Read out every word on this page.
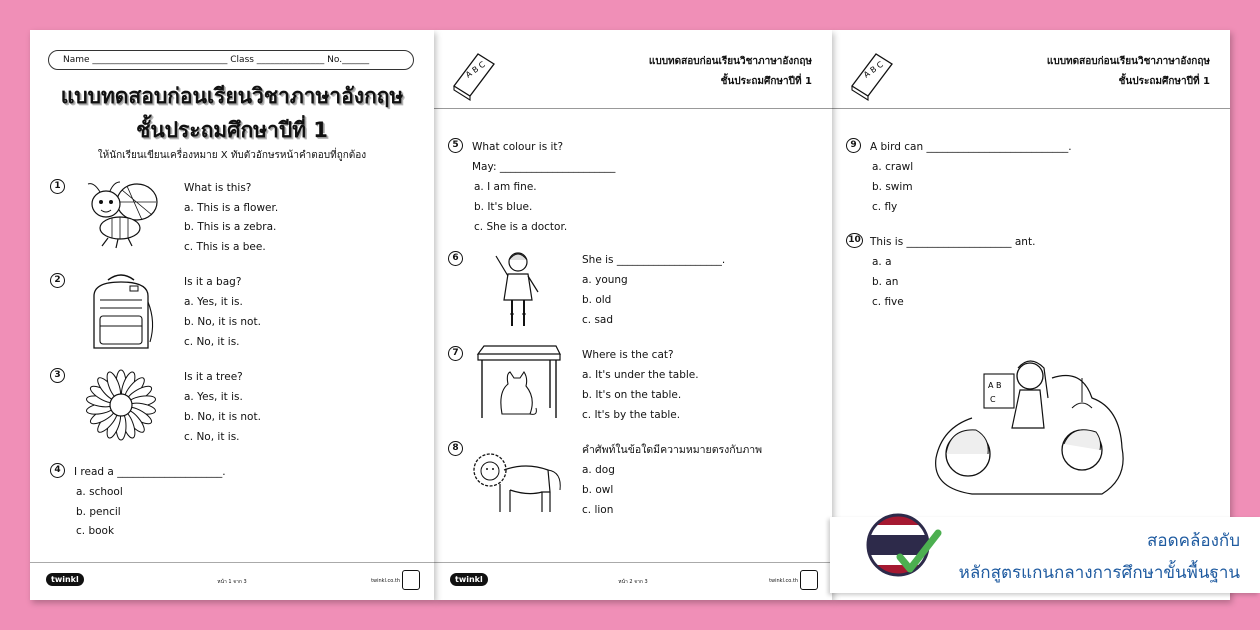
Name ______________________________ Class _______________ No.______
แบบทดสอบก่อนเรียนวิชาภาษาอังกฤษ
ชั้นประถมศึกษาปีที่ 1
ให้นักเรียนเขียนเครื่องหมาย X ทับตัวอักษรหน้าคำตอบที่ถูกต้อง
1	What is this?
a. This is a flower.
b. This is a zebra.
c. This is a bee.
2	Is it a bag?
a. Yes, it is.
b. No, it is not.
c. No, it is.
3	Is it a tree?
a. Yes, it is.
b. No, it is not.
c. No, it is.
4	I read a ____________________.
a. school
b. pencil
c. book
twinkl	หน้า 1 จาก 3	twinkl.co.th
A B C	แบบทดสอบก่อนเรียนวิชาภาษาอังกฤษ
ชั้นประถมศึกษาปีที่ 1
5	What colour is it?
May: ______________________
a. I am fine.
b. It's blue.
c. She is a doctor.
6	She is ____________________.
a. young
b. old
c. sad
7	Where is the cat?
a. It's under the table.
b. It's on the table.
c. It's by the table.
8	คำศัพท์ในข้อใดมีความหมายตรงกับภาพ
a. dog
b. owl
c. lion
twinkl	หน้า 2 จาก 3	twinkl.co.th
A B C	แบบทดสอบก่อนเรียนวิชาภาษาอังกฤษ
ชั้นประถมศึกษาปีที่ 1
9	A bird can ___________________________.
a. crawl
b. swim
c. fly
10 This is ____________________ ant.
a. a
b. an
c. five
A B
C
สอดคล้องกับ
หลักสูตรแกนกลางการศึกษาขั้นพื้นฐาน
